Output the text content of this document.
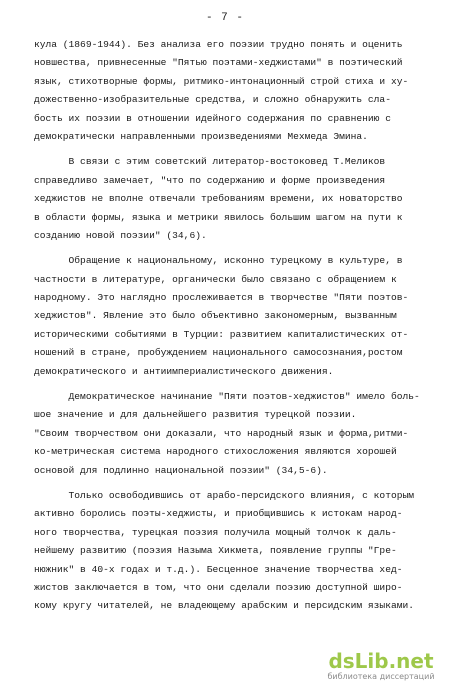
- 7 -
кула (1869-1944). Без анализа его поэзии трудно понять и оценить
новшества, привнесенные "Пятью поэтами-хеджистами" в поэтический
язык, стихотворные формы, ритмико-интонационный строй стиха и ху-
дожественно-изобразительные средства, и сложно обнаружить сла-
бость их поэзии в отношении идейного содержания по сравнению с
демократически направленными произведениями Мехмеда Эмина.
В связи с этим советский литератор-востоковед Т.Меликов
справедливо замечает, "что по содержанию и форме произведения
хеджистов не вполне отвечали требованиям времени, их новаторство
в области формы, языка и метрики явилось большим шагом на пути к
созданию новой поэзии" (34,6).
Обращение к национальному, исконно турецкому в культуре, в
частности в литературе, органически было связано с обращением к
народному. Это наглядно прослеживается в творчестве "Пяти поэтов-
хеджистов". Явление это было объективно закономерным, вызванным
историческими событиями в Турции: развитием капиталистических от-
ношений в стране, пробуждением национального самосознания,ростом
демократического и антиимпериалистического движения.
Демократическое начинание "Пяти поэтов-хеджистов" имело боль-
шое значение и для дальнейшего развития турецкой поэзии.
"Своим творчеством они доказали, что народный язык и форма,ритми-
ко-метрическая система народного стихосложения являются хорошей
основой для подлинно национальной поэзии" (34,5-6).
Только освободившись от арабо-персидского влияния, с которым
активно боролись поэты-хеджисты, и приобщившись к истокам народ-
ного творчества, турецкая поэзия получила мощный толчок к даль-
нейшему развитию (поэзия Назыма Хикмета, появление группы "Гре-
нюжник" в 40-х годах и т.д.). Бесценное значение творчества хед-
жистов заключается в том, что они сделали поэзию доступной широ-
кому кругу читателей, не владеющему арабским и персидским языками.
dsLib.net
библиотека диссертаций
